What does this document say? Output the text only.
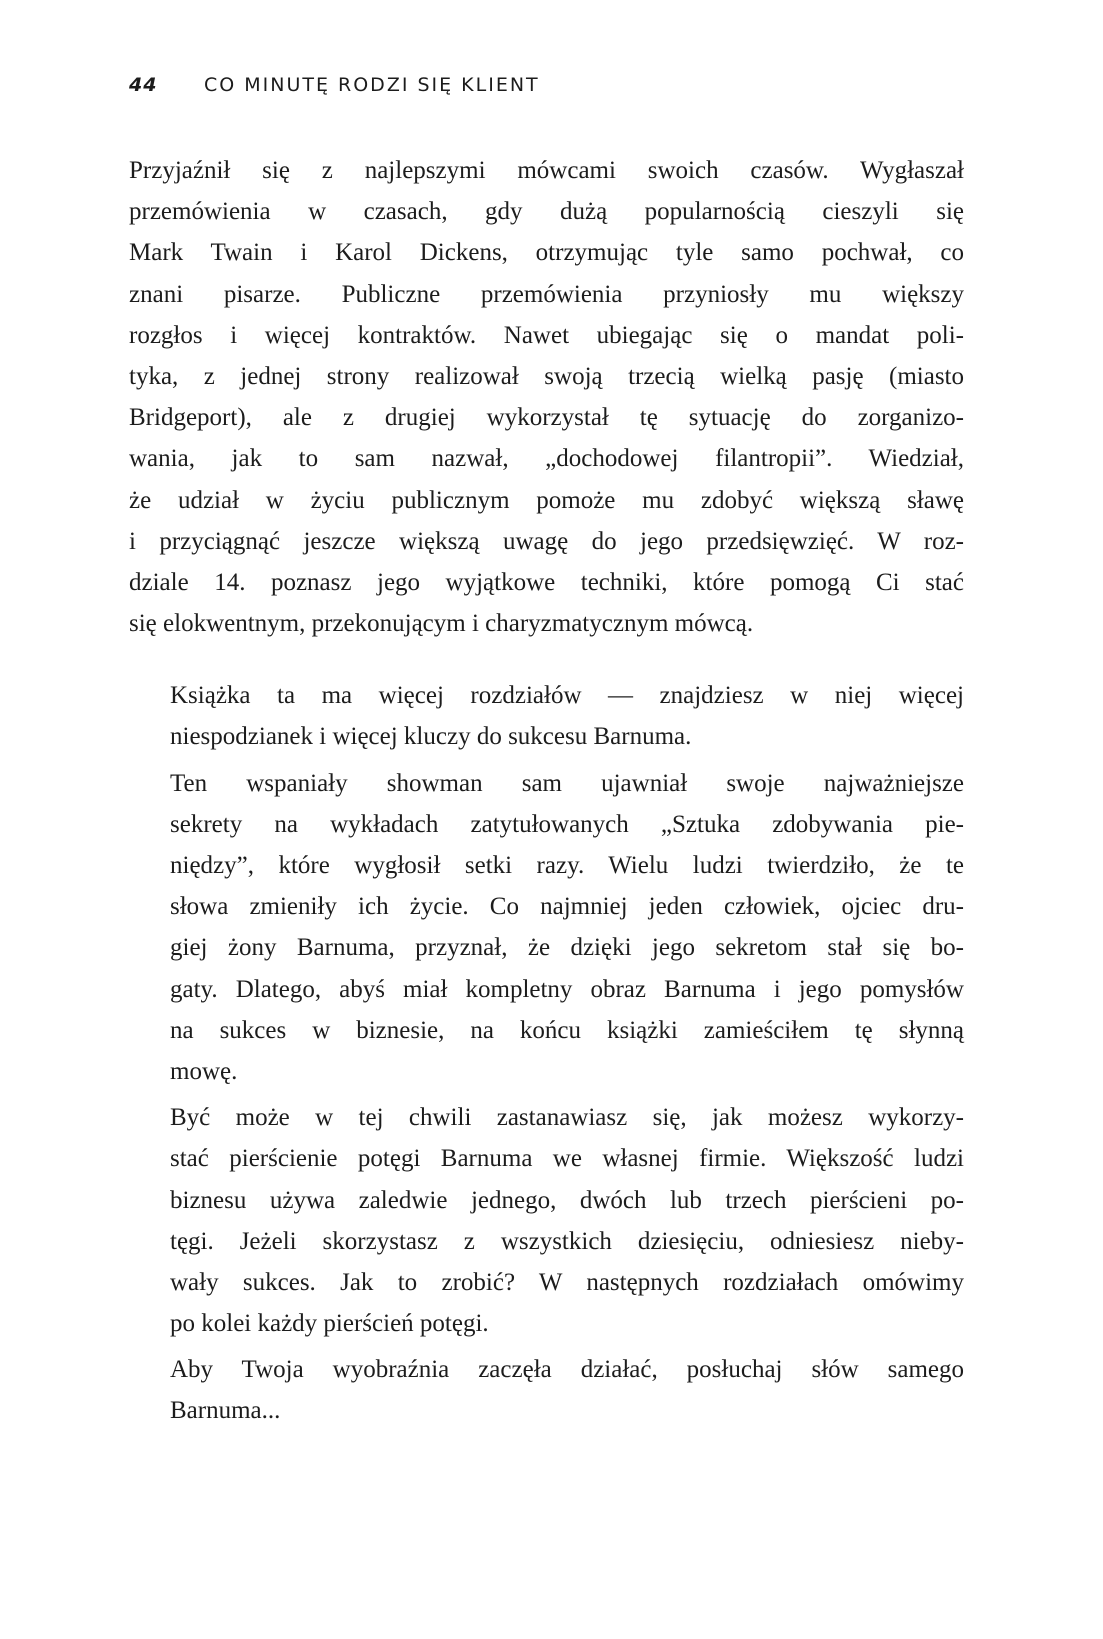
44	CO MINUTĘ RODZI SIĘ KLIENT

Przyjaźnił się z najlepszymi mówcami swoich czasów. Wygłaszał
przemówienia w czasach, gdy dużą popularnością cieszyli się
Mark Twain i Karol Dickens, otrzymując tyle samo pochwał, co
znani pisarze. Publiczne przemówienia przyniosły mu większy
rozgłos i więcej kontraktów. Nawet ubiegając się o mandat poli-
tyka, z jednej strony realizował swoją trzecią wielką pasję (miasto
Bridgeport), ale z drugiej wykorzystał tę sytuację do zorganizo-
wania, jak to sam nazwał, „dochodowej filantropii”. Wiedział,
że udział w życiu publicznym pomoże mu zdobyć większą sławę
i przyciągnąć jeszcze większą uwagę do jego przedsięwzięć. W roz-
dziale 14. poznasz jego wyjątkowe techniki, które pomogą Ci stać
się elokwentnym, przekonującym i charyzmatycznym mówcą.

Książka ta ma więcej rozdziałów — znajdziesz w niej więcej
niespodzianek i więcej kluczy do sukcesu Barnuma.

Ten wspaniały showman sam ujawniał swoje najważniejsze
sekrety na wykładach zatytułowanych „Sztuka zdobywania pie-
niędzy”, które wygłosił setki razy. Wielu ludzi twierdziło, że te
słowa zmieniły ich życie. Co najmniej jeden człowiek, ojciec dru-
giej żony Barnuma, przyznał, że dzięki jego sekretom stał się bo-
gaty. Dlatego, abyś miał kompletny obraz Barnuma i jego pomysłów
na sukces w biznesie, na końcu książki zamieściłem tę słynną
mowę.

Być może w tej chwili zastanawiasz się, jak możesz wykorzy-
stać pierścienie potęgi Barnuma we własnej firmie. Większość ludzi
biznesu używa zaledwie jednego, dwóch lub trzech pierścieni po-
tęgi. Jeżeli skorzystasz z wszystkich dziesięciu, odniesiesz nieby-
wały sukces. Jak to zrobić? W następnych rozdziałach omówimy
po kolei każdy pierścień potęgi.

Aby Twoja wyobraźnia zaczęła działać, posłuchaj słów samego
Barnuma...
